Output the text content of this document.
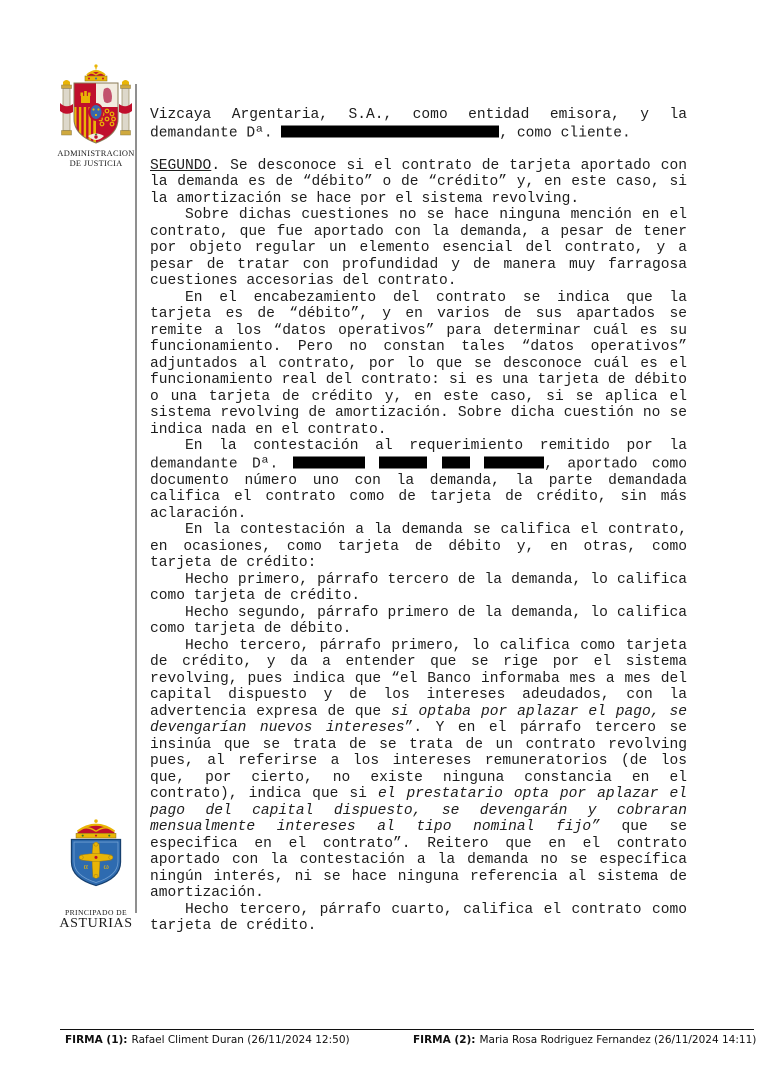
ADMINISTRACION
DE JUSTICIA

Vizcaya Argentaria, S.A., como entidad emisora, y la demandante Dª.	, como cliente.

SEGUNDO. Se desconoce si el contrato de tarjeta aportado con la demanda es de “débito” o de “crédito” y, en este caso, si la amortización se hace por el sistema revolving.

Sobre dichas cuestiones no se hace ninguna mención en el contrato, que fue aportado con la demanda, a pesar de tener por objeto regular un elemento esencial del contrato, y a pesar de tratar con profundidad y de manera muy farragosa cuestiones accesorias del contrato.

En el encabezamiento del contrato se indica que la tarjeta es de “débito”, y en varios de sus apartados se remite a los “datos operativos” para determinar cuál es su funcionamiento. Pero no constan tales “datos operativos” adjuntados al contrato, por lo que se desconoce cuál es el funcionamiento real del contrato: si es una tarjeta de débito o una tarjeta de crédito y, en este caso, si se aplica el sistema revolving de amortización. Sobre dicha cuestión no se indica nada en el contrato.

En la contestación al requerimiento remitido por la demandante Dª.	, aportado como documento número uno con la demanda, la parte demandada califica el contrato como de tarjeta de crédito, sin más aclaración.

En la contestación a la demanda se califica el contrato, en ocasiones, como tarjeta de débito y, en otras, como tarjeta de crédito:

Hecho primero, párrafo tercero de la demanda, lo califica como tarjeta de crédito.

Hecho segundo, párrafo primero de la demanda, lo califica como tarjeta de débito.

Hecho tercero, párrafo primero, lo califica como tarjeta de crédito, y da a entender que se rige por el sistema revolving, pues indica que “el Banco informaba mes a mes del capital dispuesto y de los intereses adeudados, con la advertencia expresa de que si optaba por aplazar el pago, se devengarían nuevos intereses”. Y en el párrafo tercero se insinúa que se trata de se trata de un contrato revolving pues, al referirse a los intereses remuneratorios (de los que, por cierto, no existe ninguna constancia en el contrato), indica que si el prestatario opta por aplazar el pago del capital dispuesto, se devengarán y cobraran mensualmente intereses al tipo nominal fijo” que se especifica en el contrato”. Reitero que en el contrato aportado con la contestación a la demanda no se específica ningún interés, ni se hace ninguna referencia al sistema de amortización.

Hecho tercero, párrafo cuarto, califica el contrato como tarjeta de crédito.

α ω
PRINCIPADO DE
ASTURIAS
FIRMA (1): Rafael Climent Duran (26/11/2024 12:50)	FIRMA (2): Maria Rosa Rodriguez Fernandez (26/11/2024 14:11)
